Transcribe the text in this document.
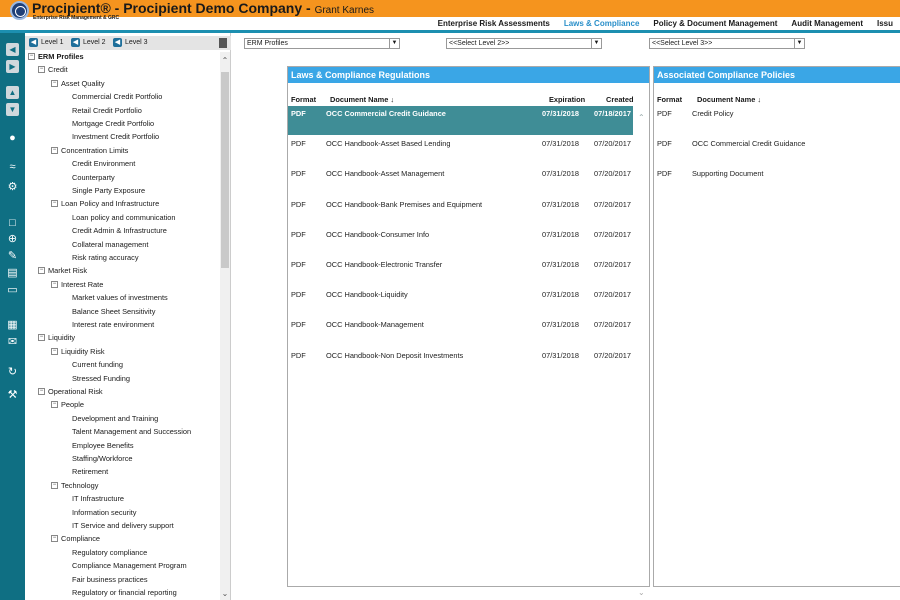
Procipient® - Procipient Demo Company - Grant Karnes
Enterprise Risk Management & GRC
Enterprise Risk Assessments	Laws & Compliance	Policy & Document Management	Audit Management	Issu
◀
▶
▲
▼
●
≈
⚙
□
⊕
✎
▤
▭
▦
✉
↻
⚒
◀ Level 1 ◀ Level 2 ◀ Level 3
− ERM Profiles
− Credit
− Asset Quality
Commercial Credit Portfolio
Retail Credit Portfolio
Mortgage Credit Portfolio
Investment Credit Portfolio
− Concentration Limits
Credit Environment
Counterparty
Single Party Exposure
− Loan Policy and Infrastructure
Loan policy and communication
Credit Admin & Infrastructure
Collateral management
Risk rating accuracy
− Market Risk
− Interest Rate
Market values of investments
Balance Sheet Sensitivity
Interest rate environment
− Liquidity
− Liquidity Risk
Current funding
Stressed Funding
− Operational Risk
− People
Development and Training
Talent Management and Succession
Employee Benefits
Staffing/Workforce
Retirement
− Technology
IT Infrastructure
Information security
IT Service and delivery support
− Compliance
Regulatory compliance
Compliance Management Program
Fair business practices
Regulatory or financial reporting
⌃
⌄
ERM Profiles	▼	<<Select Level 2>>	▼	<<Select Level 3>>	▼
Laws & Compliance Regulations
Format Document Name ↓	Expiration	Created
PDF	OCC Commercial Credit Guidance	07/31/2018 07/18/2017
PDF	OCC Handbook-Asset Based Lending	07/31/2018 07/20/2017
PDF	OCC Handbook-Asset Management	07/31/2018 07/20/2017
PDF	OCC Handbook-Bank Premises and Equipment	07/31/2018 07/20/2017
PDF	OCC Handbook-Consumer Info	07/31/2018 07/20/2017
PDF	OCC Handbook-Electronic Transfer	07/31/2018 07/20/2017
PDF	OCC Handbook-Liquidity	07/31/2018 07/20/2017
PDF	OCC Handbook-Management	07/31/2018 07/20/2017
PDF	OCC Handbook-Non Deposit Investments	07/31/2018 07/20/2017
⌃
⌄
Associated Compliance Policies
Format Document Name ↓
PDF	Credit Policy
PDF	OCC Commercial Credit Guidance
PDF	Supporting Document
